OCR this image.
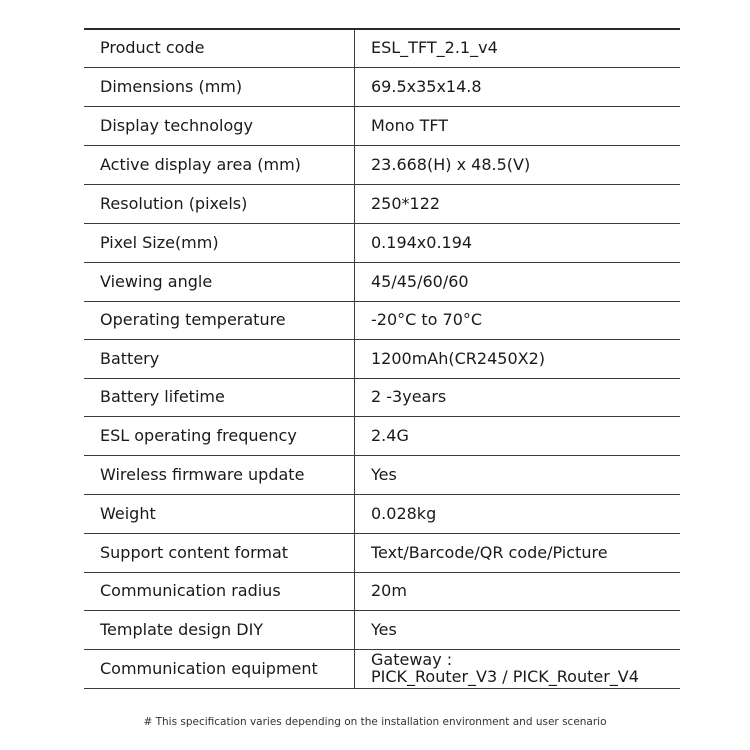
Product code	ESL_TFT_2.1_v4
Dimensions (mm)	69.5x35x14.8
Display technology	Mono TFT
Active display area (mm)	23.668(H) x 48.5(V)
Resolution (pixels)	250*122
Pixel Size(mm)	0.194x0.194
Viewing angle	45/45/60/60
Operating temperature	-20°C to 70°C
Battery	1200mAh(CR2450X2)
Battery lifetime	2 -3years
ESL operating frequency	2.4G
Wireless firmware update	Yes
Weight	0.028kg
Support content format	Text/Barcode/QR code/Picture
Communication radius	20m
Template design DIY	Yes
Communication equipment	Gateway :
PICK_Router_V3 / PICK_Router_V4
# This specification varies depending on the installation environment and user scenario
